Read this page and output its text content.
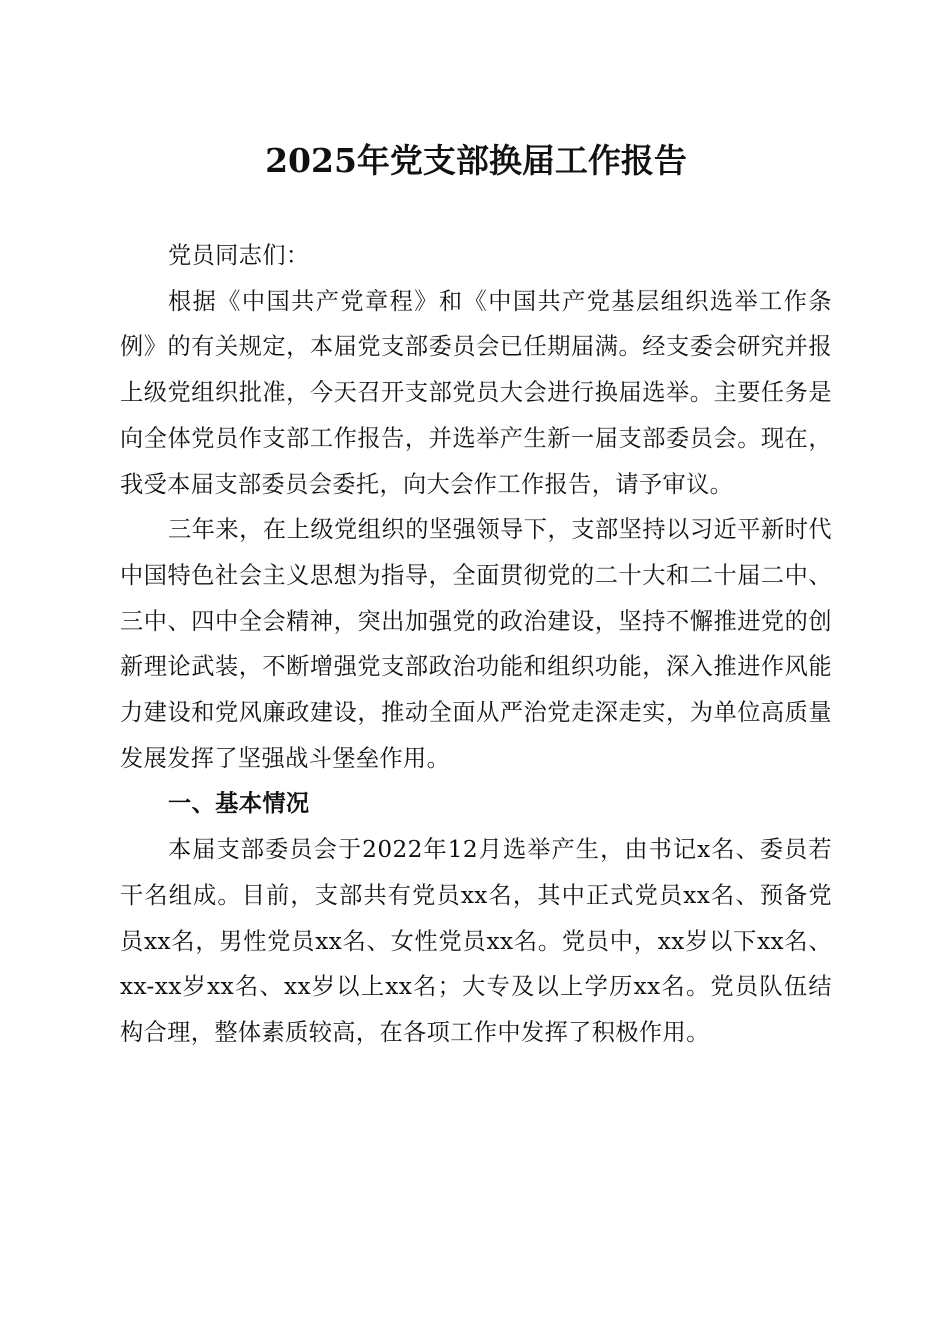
2025年党支部换届工作报告

党员同志们：

根据《中国共产党章程》和《中国共产党基层组织选举工作条例》的有关规定，本届党支部委员会已任期届满。经支委会研究并报上级党组织批准，今天召开支部党员大会进行换届选举。主要任务是向全体党员作支部工作报告，并选举产生新一届支部委员会。现在，我受本届支部委员会委托，向大会作工作报告，请予审议。

三年来，在上级党组织的坚强领导下，支部坚持以习近平新时代中国特色社会主义思想为指导，全面贯彻党的二十大和二十届二中、三中、四中全会精神，突出加强党的政治建设，坚持不懈推进党的创新理论武装，不断增强党支部政治功能和组织功能，深入推进作风能力建设和党风廉政建设，推动全面从严治党走深走实，为单位高质量发展发挥了坚强战斗堡垒作用。

一、基本情况

本届支部委员会于2022年12月选举产生，由书记x名、委员若干名组成。目前，支部共有党员xx名，其中正式党员xx名、预备党员xx名，男性党员xx名、女性党员xx名。党员中，xx岁以下xx名、xx-xx岁xx名、xx岁以上xx名；大专及以上学历xx名。党员队伍结构合理，整体素质较高，在各项工作中发挥了积极作用。
